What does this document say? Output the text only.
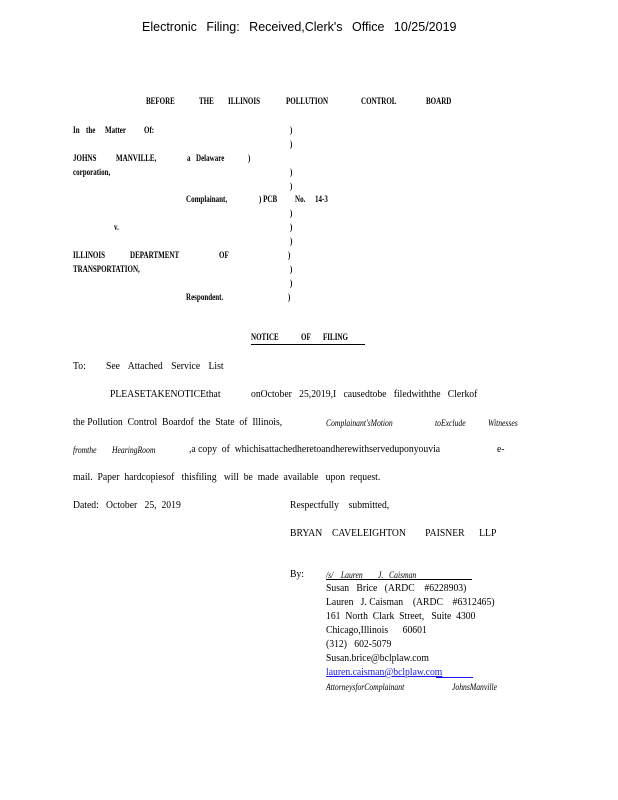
Electronic Filing: Received,Clerk's Office 10/25/2019
BEFORE	THE ILLINOIS	POLLUTION	CONTROL	BOARD
In the Matter Of:
JOHNS MANVILLE,	a Delaware
corporation,
Complainant,	) PCB No. 14-3
v.
ILLINOIS	DEPARTMENT	OF
TRANSPORTATION,
Respondent.
)
)
)
)
)
)
)
)
)
)
)
)
NOTICE OF FILING
To: See  Attached  Service  List
PLEASETAKENOTICEthat	onOctober   25,2019,I   causedtobe   filedwiththe   Clerkof
the Pollution  Control  Boardof  the  State  of  Illinois,	Complainant'sMotion	toExclude Witnesses
fromthe HearingRoom	,a copy  of  whichisattachedheretoandherewithserveduponyouvia	e-
mail.  Paper  hardcopiesof   thisfiling   will  be  made  available   upon  request.
Dated:   October   25,  2019	Respectfully    submitted,
BRYAN    CAVELEIGHTON        PAISNER      LLP
By: /s/    Lauren        J.   Caisman
Susan   Brice   (ARDC    #6228903)
Lauren   J. Caisman    (ARDC    #6312465)
161  North  Clark  Street,   Suite  4300
Chicago,Illinois      60601
(312)   602-5079
Susan.brice@bclplaw.com
lauren.caisman@bclplaw.com
AttorneysforComplainant	JohnsManville
